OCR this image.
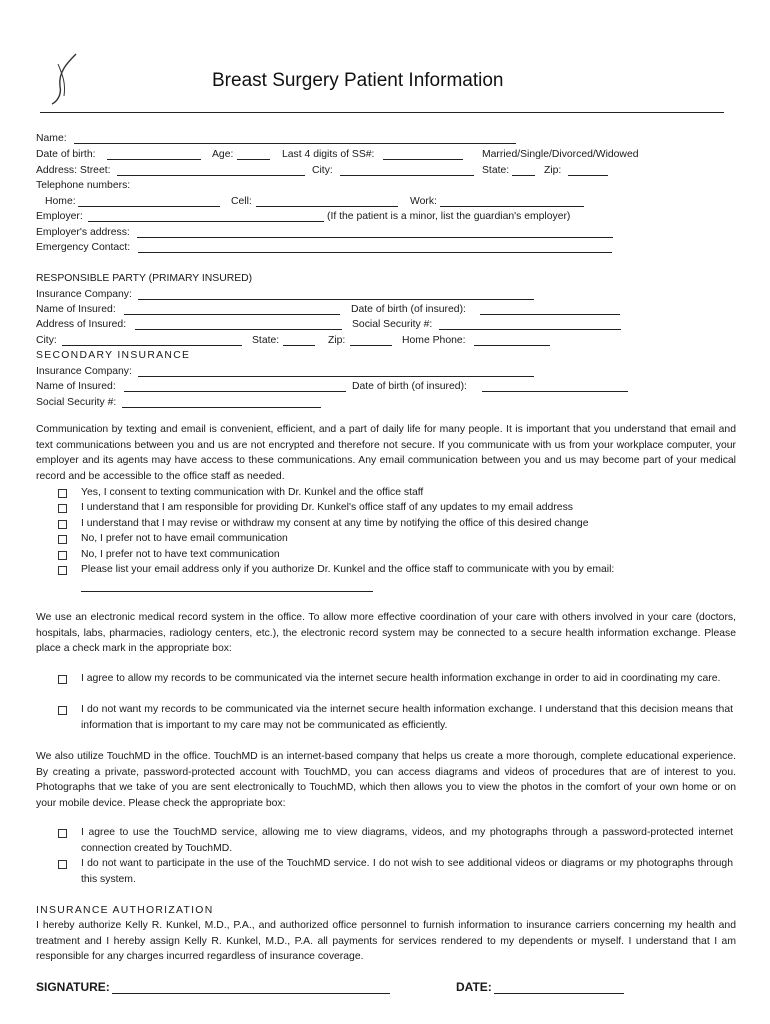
Breast Surgery Patient Information
Name:
Date of birth:	Age:	Last 4 digits of SS#:	Married/Single/Divorced/Widowed
Address: Street:	City:	State:	Zip:
Telephone numbers:
Home:	Cell:	Work:
Employer:	(If the patient is a minor, list the guardian's employer)
Employer's address:
Emergency Contact:
RESPONSIBLE PARTY (PRIMARY INSURED)
Insurance Company:
Name of Insured:	Date of birth (of insured):
Address of Insured:	Social Security #:
City:	State:	Zip:	Home Phone:
SECONDARY INSURANCE
Insurance Company:
Name of Insured:	Date of birth (of insured):
Social Security #:
Communication by texting and email is convenient, efficient, and a part of daily life for many people. It is important that you understand that email and text communications between you and us are not encrypted and therefore not secure. If you communicate with us from your workplace computer, your employer and its agents may have access to these communications. Any email communication between you and us may become part of your medical record and be accessible to the office staff as needed.
Yes, I consent to texting communication with Dr. Kunkel and the office staff
I understand that I am responsible for providing Dr. Kunkel's office staff of any updates to my email address
I understand that I may revise or withdraw my consent at any time by notifying the office of this desired change
No, I prefer not to have email communication
No, I prefer not to have text communication
Please list your email address only if you authorize Dr. Kunkel and the office staff to communicate with you by email:
We use an electronic medical record system in the office. To allow more effective coordination of your care with others involved in your care (doctors, hospitals, labs, pharmacies, radiology centers, etc.), the electronic record system may be connected to a secure health information exchange. Please place a check mark in the appropriate box:
I agree to allow my records to be communicated via the internet secure health information exchange in order to aid in coordinating my care.
I do not want my records to be communicated via the internet secure health information exchange. I understand that this decision means that information that is important to my care may not be communicated as efficiently.
We also utilize TouchMD in the office. TouchMD is an internet-based company that helps us create a more thorough, complete educational experience. By creating a private, password-protected account with TouchMD, you can access diagrams and videos of procedures that are of interest to you. Photographs that we take of you are sent electronically to TouchMD, which then allows you to view the photos in the comfort of your own home or on your mobile device. Please check the appropriate box:
I agree to use the TouchMD service, allowing me to view diagrams, videos, and my photographs through a password-protected internet connection created by TouchMD.
I do not want to participate in the use of the TouchMD service. I do not wish to see additional videos or diagrams or my photographs through this system.
INSURANCE AUTHORIZATION
I hereby authorize Kelly R. Kunkel, M.D., P.A., and authorized office personnel to furnish information to insurance carriers concerning my health and treatment and I hereby assign Kelly R. Kunkel, M.D., P.A. all payments for services rendered to my dependents or myself. I understand that I am responsible for any charges incurred regardless of insurance coverage.
SIGNATURE:	DATE:
